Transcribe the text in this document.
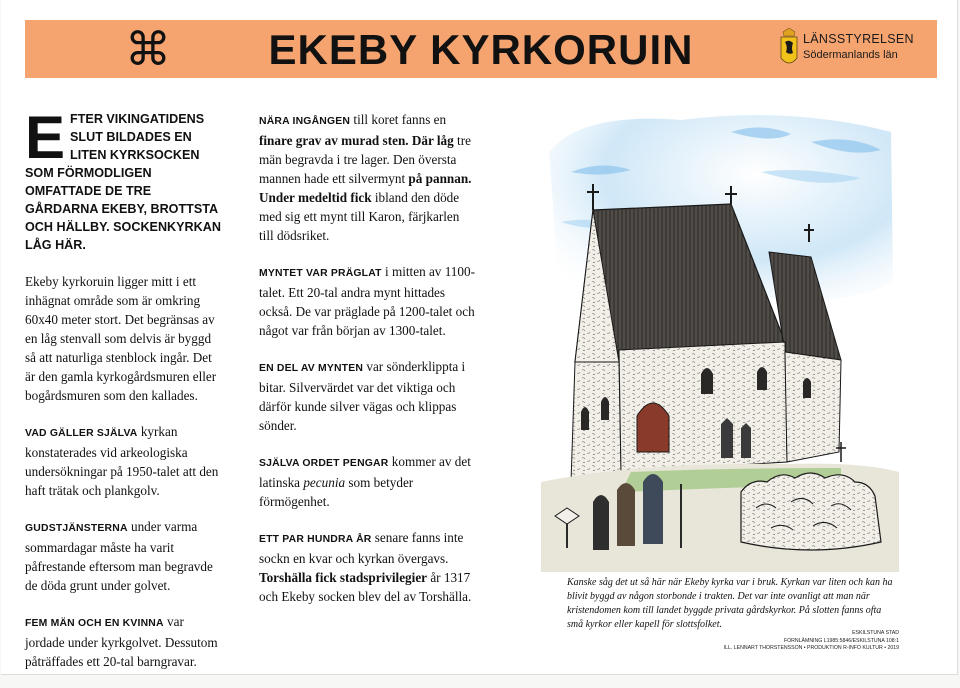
⌘	EKEBY KYRKORUIN	LÄNSSTYRELSEN
Södermanlands län
E FTER VIKINGATIDENS SLUT BILDADES EN LITEN KYRKSOCKEN SOM FÖRMODLIGEN OMFATTADE DE TRE GÅRDARNA EKEBY, BROTTSTA OCH HÄLLBY. SOCKENKYRKAN LÅG HÄR.

Ekeby kyrkoruin ligger mitt i ett inhägnat område som är omkring 60x40 meter stort. Det begränsas av en låg stenvall som delvis är byggd så att naturliga stenblock ingår. Det är den gamla kyrkogårdsmuren eller bogårdsmuren som den kallades.

VAD GÄLLER SJÄLVA kyrkan konstaterades vid arkeologiska undersökningar på 1950-talet att den haft trätak och plankgolv.

GUDSTJÄNSTERNA under varma sommardagar måste ha varit påfrestande eftersom man begravde de döda grunt under golvet.

FEM MÄN OCH EN KVINNA var jordade under kyrkgolvet. Dessutom påträffades ett 20-tal barngravar.

NÄRA INGÅNGEN till koret fanns en finare grav av murad sten. Där låg tre män begravda i tre lager. Den översta mannen hade ett silvermynt på pannan. Under medeltid fick ibland den döde med sig ett mynt till Karon, färjkarlen till dödsriket.

MYNTET VAR PRÄGLAT i mitten av 1100-talet. Ett 20-tal andra mynt hittades också. De var präglade på 1200-talet och något var från början av 1300-talet.

EN DEL AV MYNTEN var sönderklippta i bitar. Silvervärdet var det viktiga och därför kunde silver vägas och klippas sönder.

SJÄLVA ORDET PENGAR kommer av det latinska pecunia som betyder förmögenhet.

ETT PAR HUNDRA ÅR senare fanns inte sockn en kvar och kyrkan övergavs. Torshälla fick stadsprivilegier år 1317 och Ekeby socken blev del av Torshälla.

Kanske såg det ut så här när Ekeby kyrka var i bruk. Kyrkan var liten och kan ha blivit byggd av någon storbonde i trakten. Det var inte ovanligt att man när kristendomen kom till landet byggde privata gårdskyrkor. På slotten fanns ofta små kyrkor eller kapell för slottsfolket.
ESKILSTUNA STAD
FORNLÄMNING L1985:5846/ESKILSTUNA 108:1
ILL. LENNART THORSTENSSON • PRODUKTION R-INFO KULTUR • 2019
